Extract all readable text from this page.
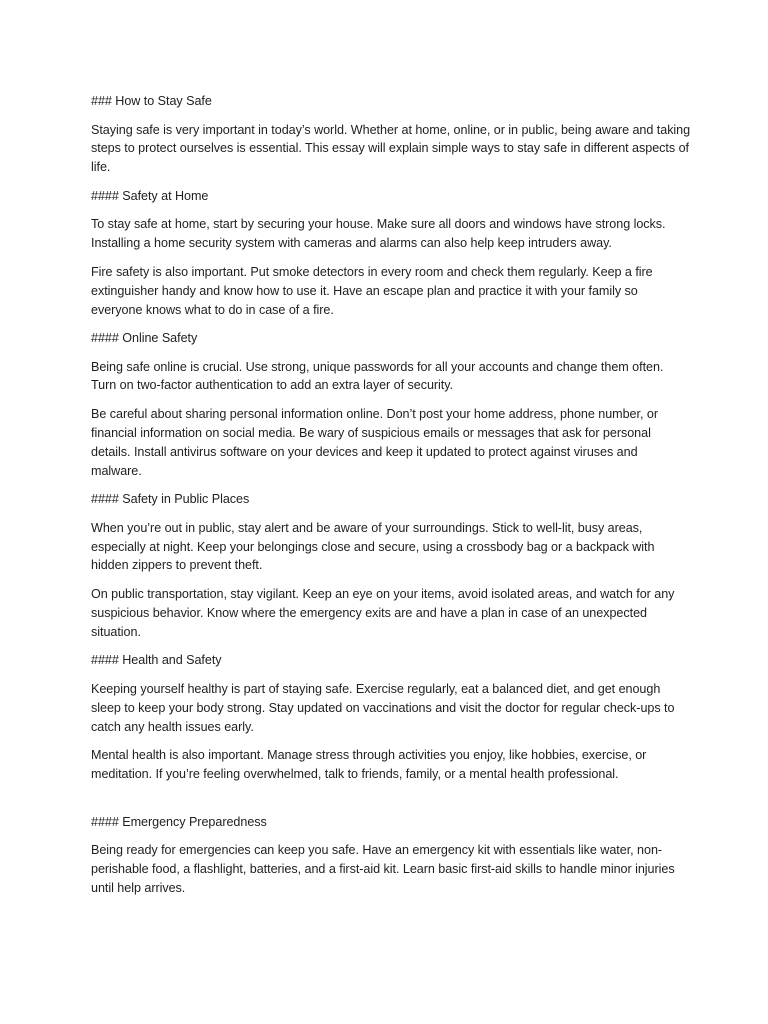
### How to Stay Safe
Staying safe is very important in today’s world. Whether at home, online, or in public, being aware and taking steps to protect ourselves is essential. This essay will explain simple ways to stay safe in different aspects of life.
#### Safety at Home
To stay safe at home, start by securing your house. Make sure all doors and windows have strong locks. Installing a home security system with cameras and alarms can also help keep intruders away.
Fire safety is also important. Put smoke detectors in every room and check them regularly. Keep a fire extinguisher handy and know how to use it. Have an escape plan and practice it with your family so everyone knows what to do in case of a fire.
#### Online Safety
Being safe online is crucial. Use strong, unique passwords for all your accounts and change them often. Turn on two-factor authentication to add an extra layer of security.
Be careful about sharing personal information online. Don’t post your home address, phone number, or financial information on social media. Be wary of suspicious emails or messages that ask for personal details. Install antivirus software on your devices and keep it updated to protect against viruses and malware.
#### Safety in Public Places
When you’re out in public, stay alert and be aware of your surroundings. Stick to well-lit, busy areas, especially at night. Keep your belongings close and secure, using a crossbody bag or a backpack with hidden zippers to prevent theft.
On public transportation, stay vigilant. Keep an eye on your items, avoid isolated areas, and watch for any suspicious behavior. Know where the emergency exits are and have a plan in case of an unexpected situation.
#### Health and Safety
Keeping yourself healthy is part of staying safe. Exercise regularly, eat a balanced diet, and get enough sleep to keep your body strong. Stay updated on vaccinations and visit the doctor for regular check-ups to catch any health issues early.
Mental health is also important. Manage stress through activities you enjoy, like hobbies, exercise, or meditation. If you’re feeling overwhelmed, talk to friends, family, or a mental health professional.
#### Emergency Preparedness
Being ready for emergencies can keep you safe. Have an emergency kit with essentials like water, non-perishable food, a flashlight, batteries, and a first-aid kit. Learn basic first-aid skills to handle minor injuries until help arrives.
